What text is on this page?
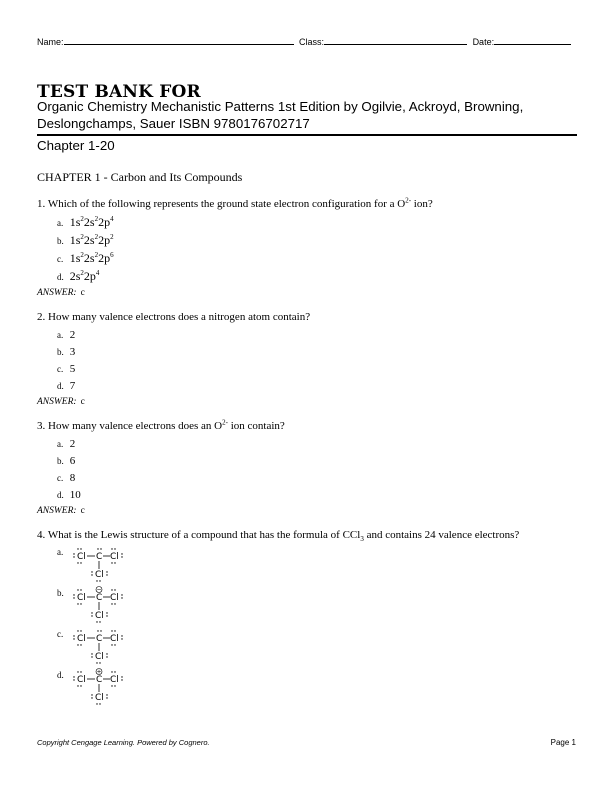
Name:	Class:	Date:
TEST BANK FOR
Organic Chemistry Mechanistic Patterns 1st Edition by Ogilvie, Ackroyd, Browning, Deslongchamps, Sauer ISBN 9780176702717
Chapter 1-20
CHAPTER 1 - Carbon and Its Compounds
1. Which of the following represents the ground state electron configuration for a $O^{2-}$ ion?
a. $1s^22s^22p^4$
b. $1s^22s^22p^2$
c. $1s^22s^22p^6$
d. $2s^22p^4$
ANSWER: c
2. How many valence electrons does a nitrogen atom contain?
a. 2
b. 3
c. 5
d. 7
ANSWER: c
3. How many valence electrons does an $O^{2-}$ ion contain?
a. 2
b. 6
c. 8
d. 10
ANSWER: c
4. What is the Lewis structure of a compound that has the formula of CCl$_3$ and contains 24 valence electrons?
a.	Cl C Cl
Cl
b.	Cl C Cl
Cl
−
c.	Cl C Cl
Cl
d.	Cl C Cl
Cl
+
Copyright Cengage Learning. Powered by Cognero.	Page 1
